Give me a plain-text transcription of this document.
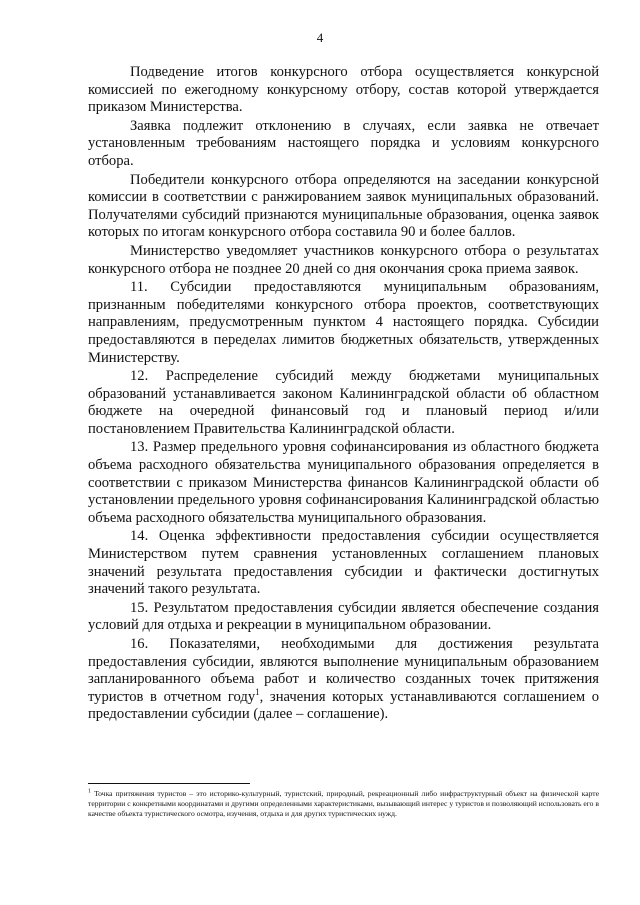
4

Подведение итогов конкурсного отбора осуществляется конкурсной комиссией по ежегодному конкурсному отбору, состав которой утверждается приказом Министерства.

Заявка подлежит отклонению в случаях, если заявка не отвечает установленным требованиям настоящего порядка и условиям конкурсного отбора.

Победители конкурсного отбора определяются на заседании конкурсной комиссии в соответствии с ранжированием заявок муниципальных образований. Получателями субсидий признаются муниципальные образования, оценка заявок которых по итогам конкурсного отбора составила 90 и более баллов.

Министерство уведомляет участников конкурсного отбора о результатах конкурсного отбора не позднее 20 дней со дня окончания срока приема заявок.

11. Субсидии предоставляются муниципальным образованиям, признанным победителями конкурсного отбора проектов, соответствующих направлениям, предусмотренным пунктом 4 настоящего порядка. Субсидии предоставляются в переделах лимитов бюджетных обязательств, утвержденных Министерству.

12. Распределение субсидий между бюджетами муниципальных образований устанавливается законом Калининградской области об областном бюджете на очередной финансовый год и плановый период и/или постановлением Правительства Калининградской области.

13. Размер предельного уровня софинансирования из областного бюджета объема расходного обязательства муниципального образования определяется в соответствии с приказом Министерства финансов Калининградской области об установлении предельного уровня софинансирования Калининградской областью объема расходного обязательства муниципального образования.

14. Оценка эффективности предоставления субсидии осуществляется Министерством путем сравнения установленных соглашением плановых значений результата предоставления субсидии и фактически достигнутых значений такого результата.

15. Результатом предоставления субсидии является обеспечение создания условий для отдыха и рекреации в муниципальном образовании.

16. Показателями, необходимыми для достижения результата предоставления субсидии, являются выполнение муниципальным образованием запланированного объема работ и количество созданных точек притяжения туристов в отчетном году$^1$, значения которых устанавливаются соглашением о предоставлении субсидии (далее – соглашение).

$^1$ Точка притяжения туристов – это историко-культурный, туристский, природный, рекреационный либо инфраструктурный объект на физической карте территории с конкретными координатами и другими определенными характеристиками, вызывающий интерес у туристов и позволяющий использовать его в качестве объекта туристического осмотра, изучения, отдыха и для других туристических нужд.
